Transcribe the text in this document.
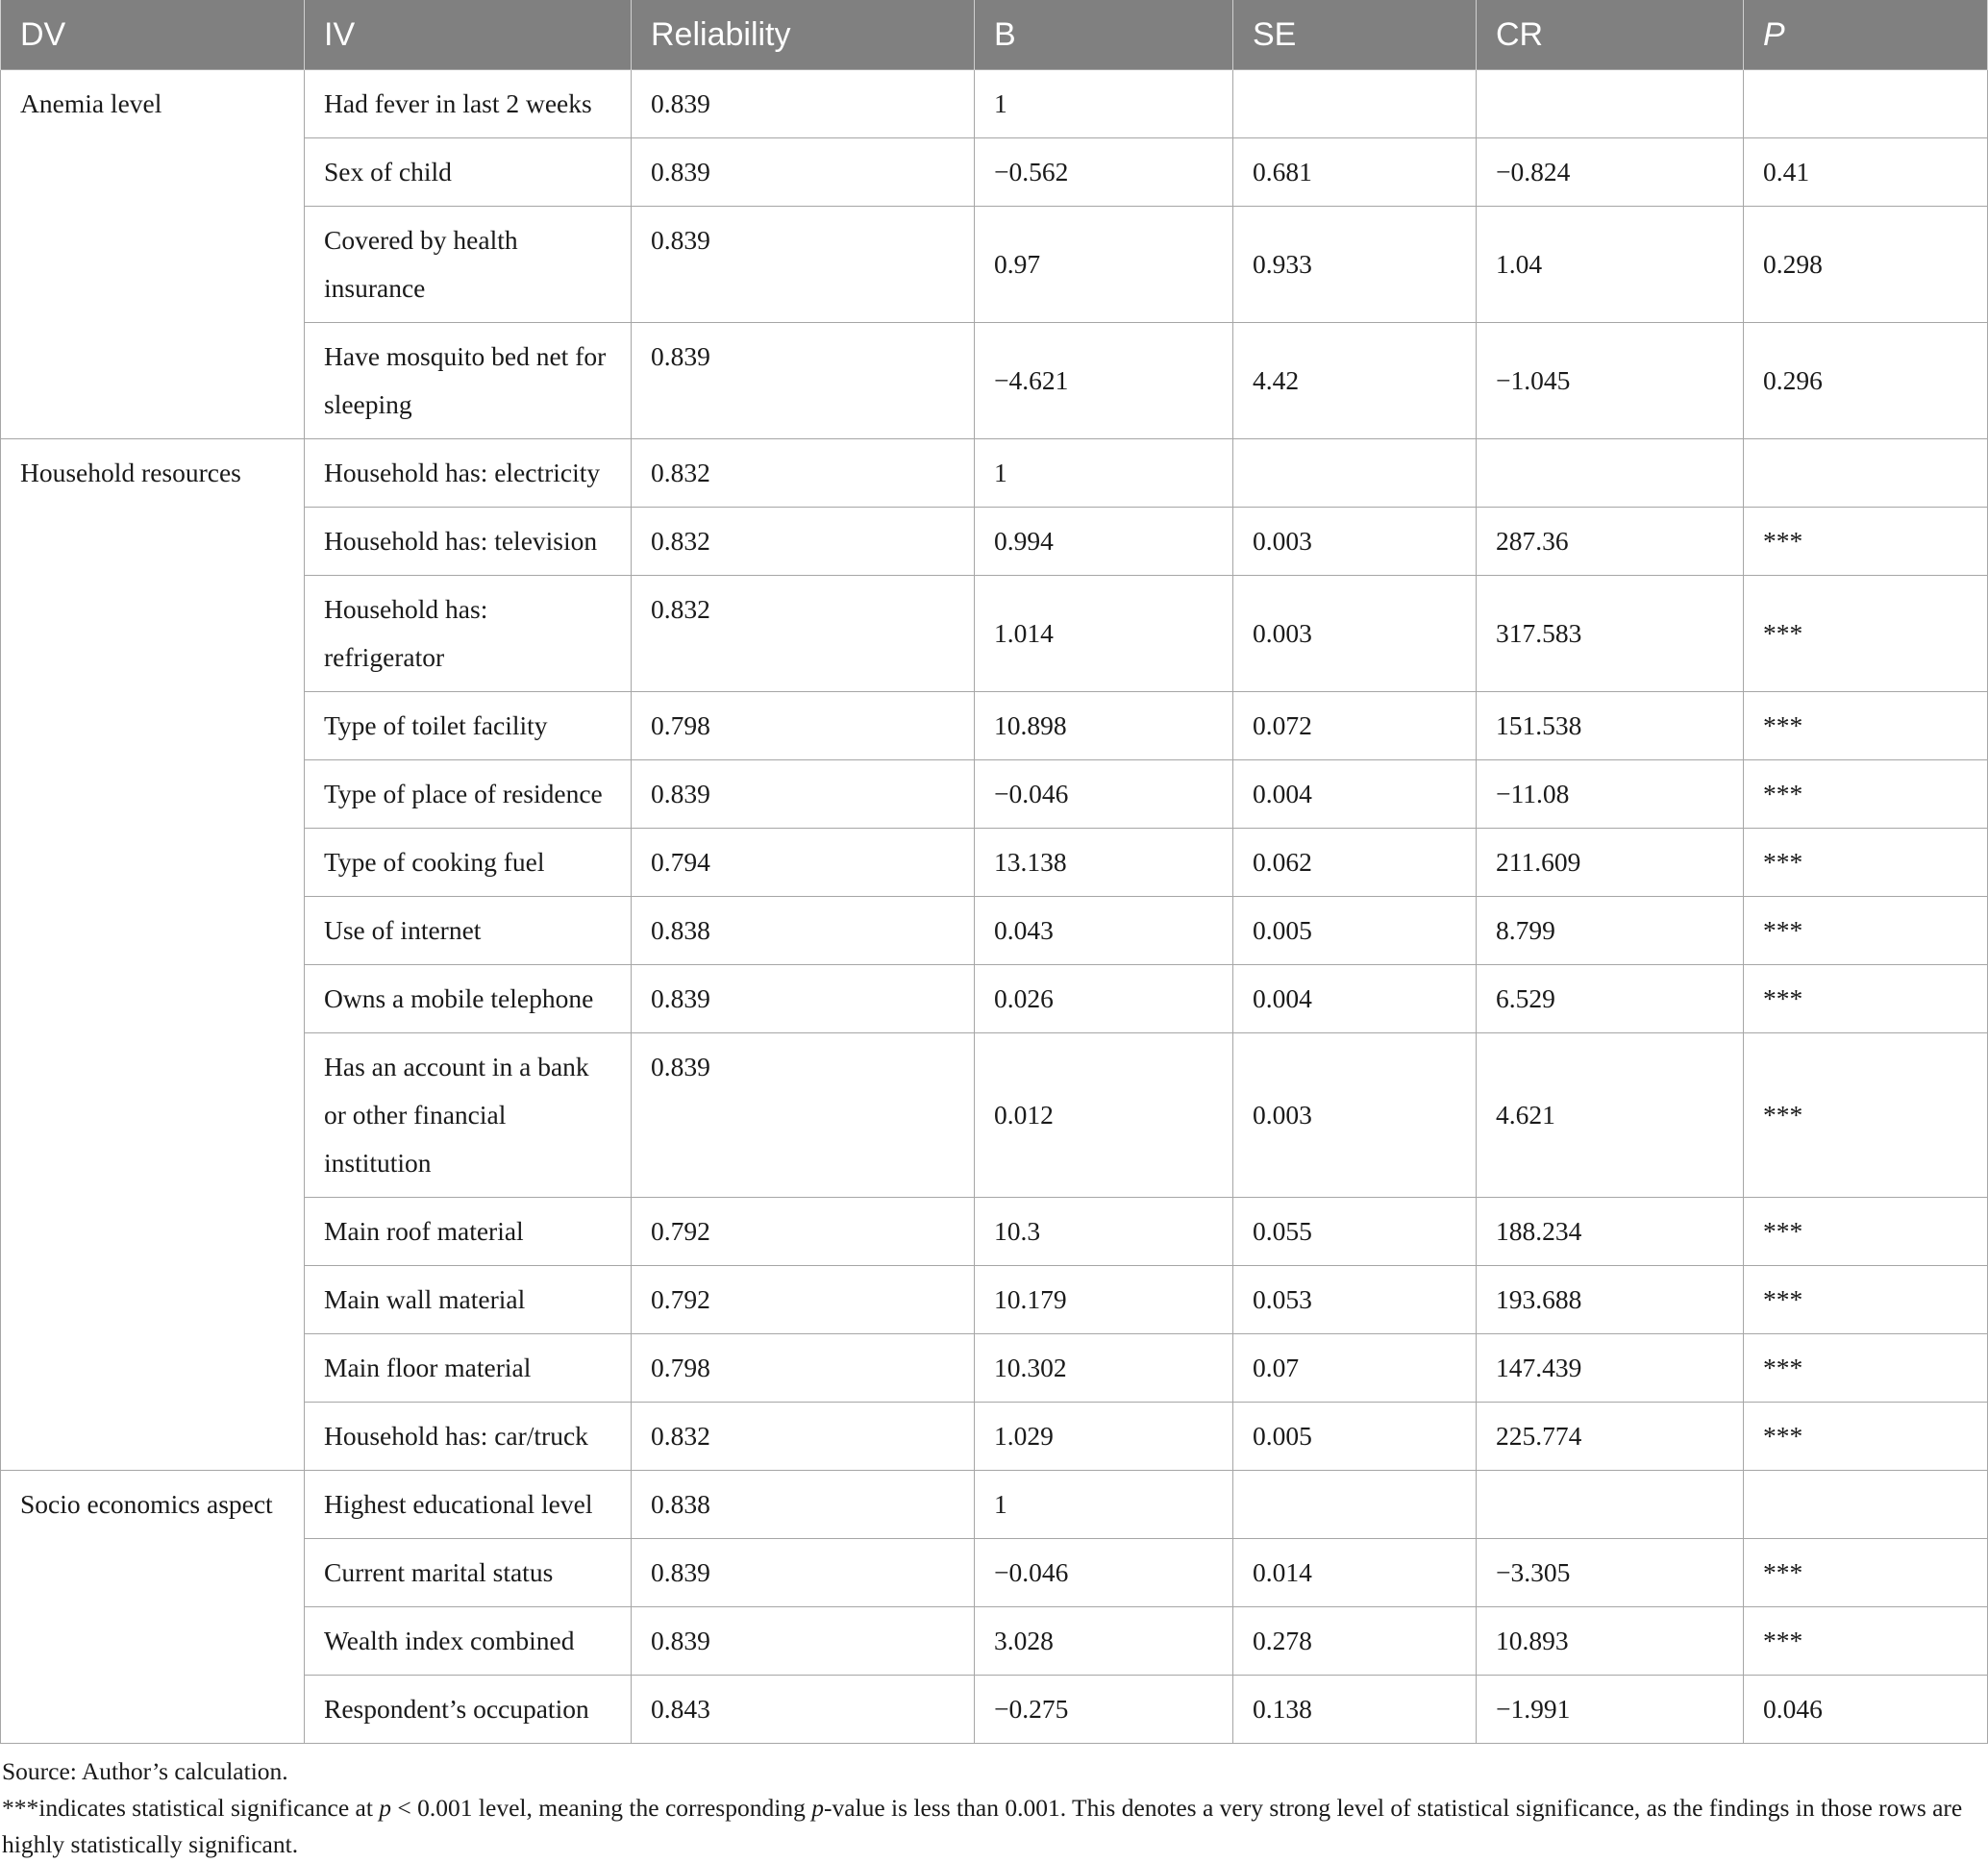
DV	IV	Reliability	B	SE	CR	P
Anemia level	Had fever in last 2 weeks	0.839	1			
	Sex of child	0.839	−0.562	0.681	−0.824	0.41
	Covered by health insurance	0.839	0.97	0.933	1.04	0.298
	Have mosquito bed net for sleeping	0.839	−4.621	4.42	−1.045	0.296
Household resources	Household has: electricity	0.832	1			
	Household has: television	0.832	0.994	0.003	287.36	***
	Household has: refrigerator	0.832	1.014	0.003	317.583	***
	Type of toilet facility	0.798	10.898	0.072	151.538	***
	Type of place of residence	0.839	−0.046	0.004	−11.08	***
	Type of cooking fuel	0.794	13.138	0.062	211.609	***
	Use of internet	0.838	0.043	0.005	8.799	***
	Owns a mobile telephone	0.839	0.026	0.004	6.529	***
	Has an account in a bank or other financial institution	0.839	0.012	0.003	4.621	***
	Main roof material	0.792	10.3	0.055	188.234	***
	Main wall material	0.792	10.179	0.053	193.688	***
	Main floor material	0.798	10.302	0.07	147.439	***
	Household has: car/truck	0.832	1.029	0.005	225.774	***
Socio economics aspect	Highest educational level	0.838	1			
	Current marital status	0.839	−0.046	0.014	−3.305	***
	Wealth index combined	0.839	3.028	0.278	10.893	***
	Respondent’s occupation	0.843	−0.275	0.138	−1.991	0.046

Source: Author’s calculation.

***indicates statistical significance at p < 0.001 level, meaning the corresponding p-value is less than 0.001. This denotes a very strong level of statistical significance, as the findings in those rows are highly statistically significant.
